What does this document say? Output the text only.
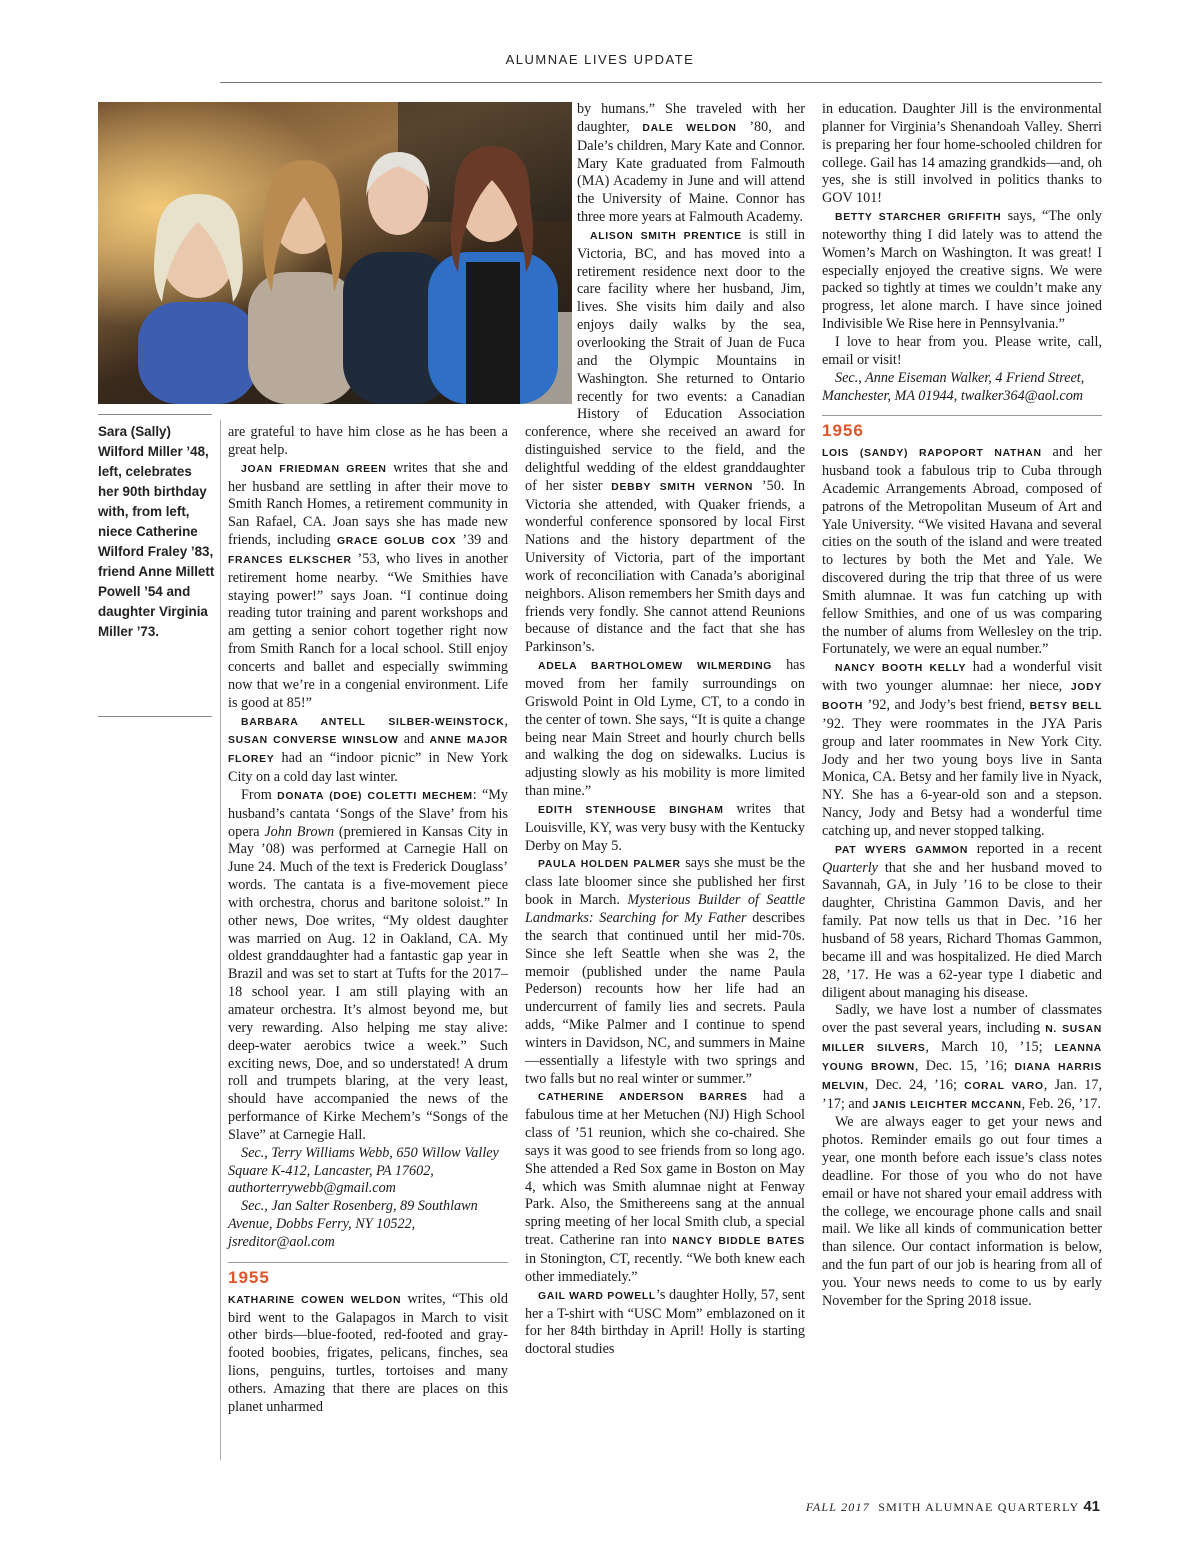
ALUMNAE LIVES UPDATE
Sara (Sally) Wilford Miller ’48, left, celebrates her 90th birthday with, from left, niece Catherine Wilford Fraley ’83, friend Anne Millett Powell ’54 and daughter Virginia Miller ’73.

are grateful to have him close as he has been a great help.

JOAN FRIEDMAN GREEN writes that she and her husband are settling in after their move to Smith Ranch Homes, a retirement community in San Rafael, CA. Joan says she has made new friends, including GRACE GOLUB COX ’39 and FRANCES ELKSCHER ’53, who lives in another retirement home nearby. “We Smithies have staying power!” says Joan. “I continue doing reading tutor training and parent workshops and am getting a senior cohort together right now from Smith Ranch for a local school. Still enjoy concerts and ballet and especially swimming now that we’re in a congenial environment. Life is good at 85!”

BARBARA ANTELL SILBER-WEINSTOCK, SUSAN CONVERSE WINSLOW and ANNE MAJOR FLOREY had an “indoor picnic” in New York City on a cold day last winter.

From DONATA (DOE) COLETTI MECHEM: “My husband’s cantata ‘Songs of the Slave’ from his opera John Brown (premiered in Kansas City in May ’08) was performed at Carnegie Hall on June 24. Much of the text is Frederick Douglass’ words. The cantata is a five-movement piece with orchestra, chorus and baritone soloist.” In other news, Doe writes, “My oldest daughter was married on Aug. 12 in Oakland, CA. My oldest granddaughter had a fantastic gap year in Brazil and was set to start at Tufts for the 2017–18 school year. I am still playing with an amateur orchestra. It’s almost beyond me, but very rewarding. Also helping me stay alive: deep-water aerobics twice a week.” Such exciting news, Doe, and so understated! A drum roll and trumpets blaring, at the very least, should have accompanied the news of the performance of Kirke Mechem’s “Songs of the Slave” at Carnegie Hall.

Sec., Terry Williams Webb, 650 Willow Valley Square K-412, Lancaster, PA 17602, authorterrywebb@gmail.com

Sec., Jan Salter Rosenberg, 89 Southlawn Avenue, Dobbs Ferry, NY 10522, jsreditor@aol.com

1955

KATHARINE COWEN WELDON writes, “This old bird went to the Galapagos in March to visit other birds—blue-footed, red-footed and gray-footed boobies, frigates, pelicans, finches, sea lions, penguins, turtles, tortoises and many others. Amazing that there are places on this planet unharmed

by humans.” She traveled with her daughter, DALE WELDON ’80, and Dale’s children, Mary Kate and Connor. Mary Kate graduated from Falmouth (MA) Academy in June and will attend the University of Maine. Connor has three more years at Falmouth Academy.

ALISON SMITH PRENTICE is still in Victoria, BC, and has moved into a retirement residence next door to the care facility where her husband, Jim, lives. She visits him daily and also enjoys daily walks by the sea, overlooking the Strait of Juan de Fuca and the Olympic Mountains in Washington. She returned to Ontario recently for two events: a Canadian History of Education Association conference, where she received an award for distinguished service to the field, and the delightful wedding of the eldest granddaughter of her sister DEBBY SMITH VERNON ’50. In Victoria she attended, with Quaker friends, a wonderful conference sponsored by local First Nations and the history department of the University of Victoria, part of the important work of reconciliation with Canada’s aboriginal neighbors. Alison remembers her Smith days and friends very fondly. She cannot attend Reunions because of distance and the fact that she has Parkinson’s.

ADELA BARTHOLOMEW WILMERDING has moved from her family surroundings on Griswold Point in Old Lyme, CT, to a condo in the center of town. She says, “It is quite a change being near Main Street and hourly church bells and walking the dog on sidewalks. Lucius is adjusting slowly as his mobility is more limited than mine.”

EDITH STENHOUSE BINGHAM writes that Louisville, KY, was very busy with the Kentucky Derby on May 5.

PAULA HOLDEN PALMER says she must be the class late bloomer since she published her first book in March. Mysterious Builder of Seattle Landmarks: Searching for My Father describes the search that continued until her mid-70s. Since she left Seattle when she was 2, the memoir (published under the name Paula Pederson) recounts how her life had an undercurrent of family lies and secrets. Paula adds, “Mike Palmer and I continue to spend winters in Davidson, NC, and summers in Maine—essentially a lifestyle with two springs and two falls but no real winter or summer.”

CATHERINE ANDERSON BARRES had a fabulous time at her Metuchen (NJ) High School class of ’51 reunion, which she co-chaired. She says it was good to see friends from so long ago. She attended a Red Sox game in Boston on May 4, which was Smith alumnae night at Fenway Park. Also, the Smithereens sang at the annual spring meeting of her local Smith club, a special treat. Catherine ran into NANCY BIDDLE BATES in Stonington, CT, recently. “We both knew each other immediately.”

GAIL WARD POWELL’s daughter Holly, 57, sent her a T-shirt with “USC Mom” emblazoned on it for her 84th birthday in April! Holly is starting doctoral studies

in education. Daughter Jill is the environmental planner for Virginia’s Shenandoah Valley. Sherri is preparing her four home-schooled children for college. Gail has 14 amazing grandkids—and, oh yes, she is still involved in politics thanks to GOV 101!

BETTY STARCHER GRIFFITH says, “The only noteworthy thing I did lately was to attend the Women’s March on Washington. It was great! I especially enjoyed the creative signs. We were packed so tightly at times we couldn’t make any progress, let alone march. I have since joined Indivisible We Rise here in Pennsylvania.”

I love to hear from you. Please write, call, email or visit!

Sec., Anne Eiseman Walker, 4 Friend Street, Manchester, MA 01944, twalker364@aol.com

1956

LOIS (SANDY) RAPOPORT NATHAN and her husband took a fabulous trip to Cuba through Academic Arrangements Abroad, composed of patrons of the Metropolitan Museum of Art and Yale University. “We visited Havana and several cities on the south of the island and were treated to lectures by both the Met and Yale. We discovered during the trip that three of us were Smith alumnae. It was fun catching up with fellow Smithies, and one of us was comparing the number of alums from Wellesley on the trip. Fortunately, we were an equal number.”

NANCY BOOTH KELLY had a wonderful visit with two younger alumnae: her niece, JODY BOOTH ’92, and Jody’s best friend, BETSY BELL ’92. They were roommates in the JYA Paris group and later roommates in New York City. Jody and her two young boys live in Santa Monica, CA. Betsy and her family live in Nyack, NY. She has a 6-year-old son and a stepson. Nancy, Jody and Betsy had a wonderful time catching up, and never stopped talking.

PAT WYERS GAMMON reported in a recent Quarterly that she and her husband moved to Savannah, GA, in July ’16 to be close to their daughter, Christina Gammon Davis, and her family. Pat now tells us that in Dec. ’16 her husband of 58 years, Richard Thomas Gammon, became ill and was hospitalized. He died March 28, ’17. He was a 62-year type I diabetic and diligent about managing his disease.

Sadly, we have lost a number of classmates over the past several years, including N. SUSAN MILLER SILVERS, March 10, ’15; LEANNA YOUNG BROWN, Dec. 15, ’16; DIANA HARRIS MELVIN, Dec. 24, ’16; CORAL VARO, Jan. 17, ’17; and JANIS LEICHTER MCCANN, Feb. 26, ’17.

We are always eager to get your news and photos. Reminder emails go out four times a year, one month before each issue’s class notes deadline. For those of you who do not have email or have not shared your email address with the college, we encourage phone calls and snail mail. We like all kinds of communication better than silence. Our contact information is below, and the fun part of our job is hearing from all of you. Your news needs to come to us by early November for the Spring 2018 issue.

FALL 2017 SMITH ALUMNAE QUARTERLY 41
